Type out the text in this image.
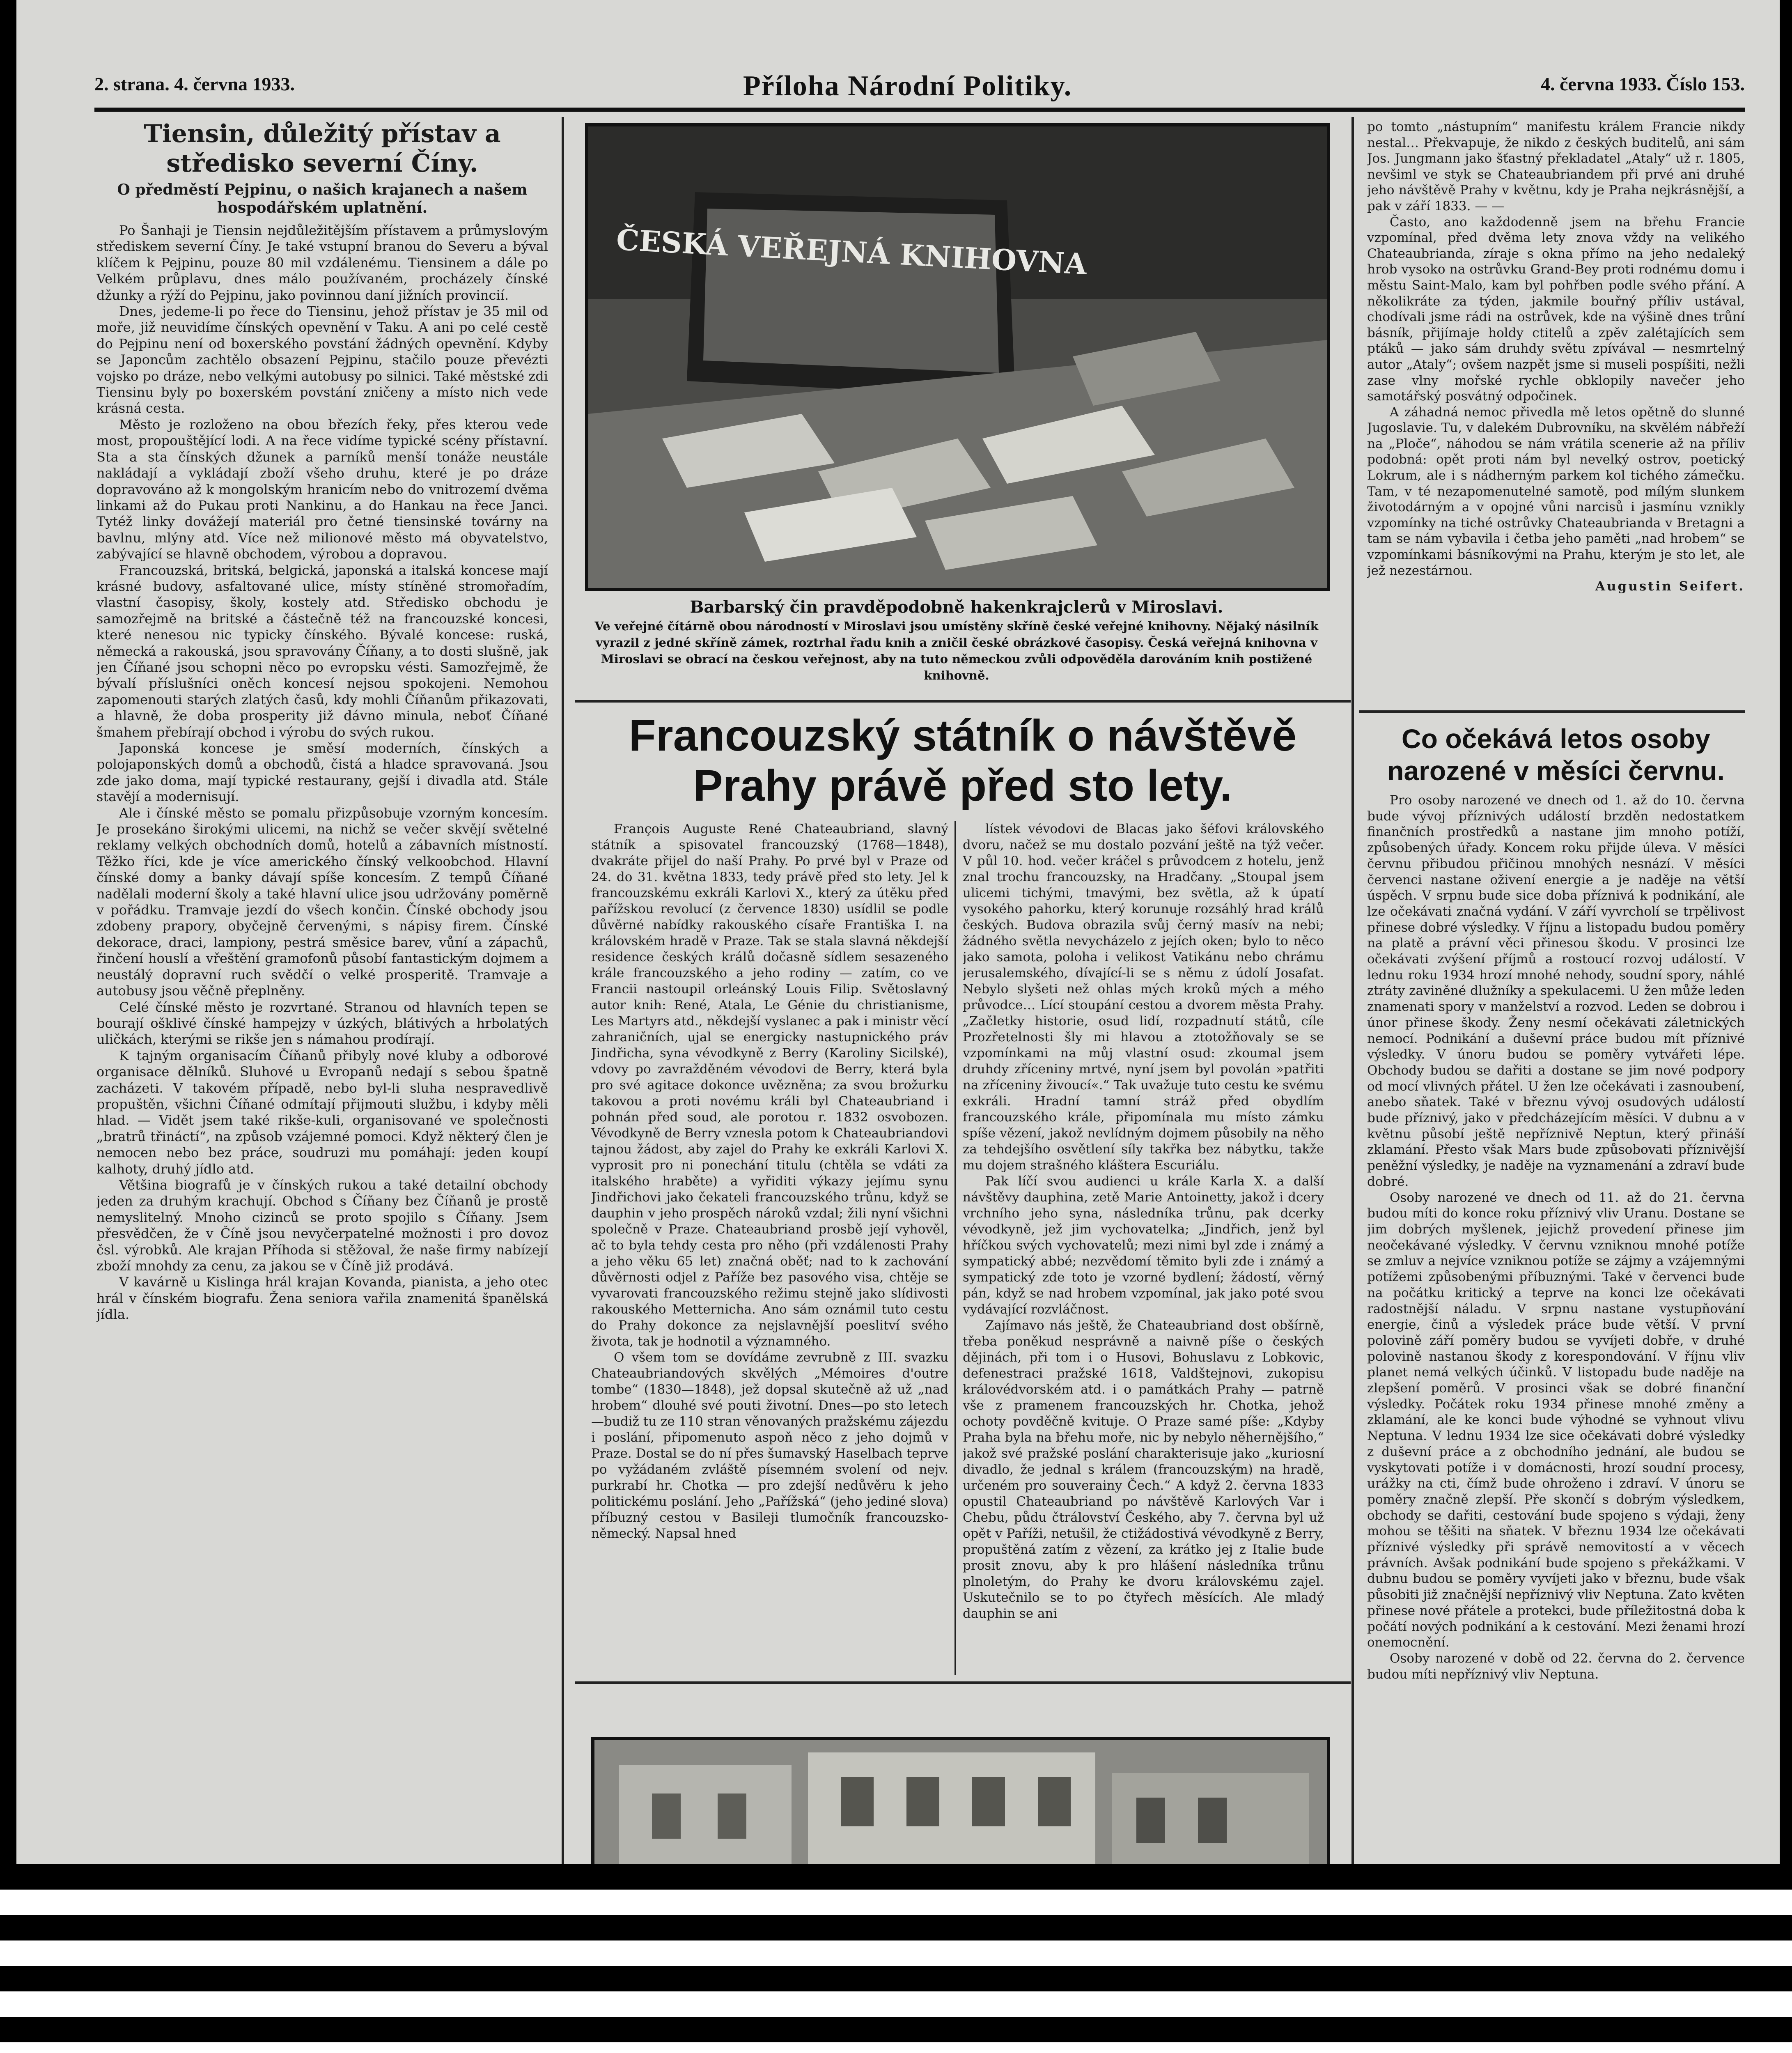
2. strana. 4. června 1933.	Příloha Národní Politiky.	4. června 1933. Číslo 153.
Tiensin, důležitý přístav a středisko severní Číny.
O předměstí Pejpinu, o našich krajanech a našem hospodářském uplatnění.

Po Šanhaji je Tiensin nejdůležitějším přístavem a průmyslovým střediskem severní Číny. Je také vstupní branou do Severu a býval klíčem k Pejpinu, pouze 80 mil vzdálenému. Tiensinem a dále po Velkém průplavu, dnes málo používaném, procházely čínské džunky a rýží do Pejpinu, jako povinnou daní jižních provincií.

Dnes, jedeme-li po řece do Tiensinu, jehož přístav je 35 mil od moře, již neuvidíme čínských opevnění v Taku. A ani po celé cestě do Pejpinu není od boxerského povstání žádných opevnění. Kdyby se Japoncům zachtělo obsazení Pejpinu, stačilo pouze převézti vojsko po dráze, nebo velkými autobusy po silnici. Také městské zdi Tiensinu byly po boxerském povstání zničeny a místo nich vede krásná cesta.

Město je rozloženo na obou březích řeky, přes kterou vede most, propouštějící lodi. A na řece vidíme typické scény přístavní. Sta a sta čínských džunek a parníků menší tonáže neustále nakládají a vykládají zboží všeho druhu, které je po dráze dopravováno až k mongolským hranicím nebo do vnitrozemí dvěma linkami až do Pukau proti Nankinu, a do Hankau na řece Janci. Tytéž linky dovážejí materiál pro četné tiensinské továrny na bavlnu, mlýny atd. Více než milionové město má obyvatelstvo, zabývající se hlavně obchodem, výrobou a dopravou.

Francouzská, britská, belgická, japonská a italská koncese mají krásné budovy, asfaltované ulice, místy stíněné stromořadím, vlastní časopisy, školy, kostely atd. Středisko obchodu je samozřejmě na britské a částečně též na francouzské koncesi, které nenesou nic typicky čínského. Bývalé koncese: ruská, německá a rakouská, jsou spravovány Číňany, a to dosti slušně, jak jen Číňané jsou schopni něco po evropsku vésti. Samozřejmě, že bývalí příslušníci oněch koncesí nejsou spokojeni. Nemohou zapomenouti starých zlatých časů, kdy mohli Číňanům přikazovati, a hlavně, že doba prosperity již dávno minula, neboť Číňané šmahem přebírají obchod i výrobu do svých rukou.

Japonská koncese je směsí moderních, čínských a polojaponských domů a obchodů, čistá a hladce spravovaná. Jsou zde jako doma, mají typické restaurany, gejší i divadla atd. Stále stavějí a modernisují.

Ale i čínské město se pomalu přizpůsobuje vzorným koncesím. Je prosekáno širokými ulicemi, na nichž se večer skvějí světelné reklamy velkých obchodních domů, hotelů a zábavních místností. Těžko říci, kde je více amerického čínský velkoobchod. Hlavní čínské domy a banky dávají spíše koncesím. Z tempů Číňané nadělali moderní školy a také hlavní ulice jsou udržovány poměrně v pořádku. Tramvaje jezdí do všech končin. Čínské obchody jsou zdobeny prapory, obyčejně červenými, s nápisy firem. Čínské dekorace, draci, lampiony, pestrá směsice barev, vůní a zápachů, řinčení houslí a vřeštění gramofonů působí fantastickým dojmem a neustálý dopravní ruch svědčí o velké prosperitě. Tramvaje a autobusy jsou věčně přeplněny.

Celé čínské město je rozvrtané. Stranou od hlavních tepen se bourají ošklivé čínské hampejzy v úzkých, blátivých a hrbolatých uličkách, kterými se rikše jen s námahou prodírají.

K tajným organisacím Číňanů přibyly nové kluby a odborové organisace dělníků. Sluhové u Evropanů nedají s sebou špatně zacházeti. V takovém případě, nebo byl-li sluha nespravedlivě propuštěn, všichni Číňané odmítají přijmouti službu, i kdyby měli hlad. — Vidět jsem také rikše-kuli, organisované ve společnosti „bratrů třináctí“, na způsob vzájemné pomoci. Když některý člen je nemocen nebo bez práce, soudruzi mu pomáhají: jeden koupí kalhoty, druhý jídlo atd.

Většina biografů je v čínských rukou a také detailní obchody jeden za druhým krachují. Obchod s Číňany bez Číňanů je prostě nemyslitelný. Mnoho cizinců se proto spojilo s Číňany. Jsem přesvědčen, že v Číně jsou nevyčerpatelné možnosti i pro dovoz čsl. výrobků. Ale krajan Příhoda si stěžoval, že naše firmy nabízejí zboží mnohdy za cenu, za jakou se v Číně již prodává.

V kavárně u Kislinga hrál krajan Kovanda, pianista, a jeho otec hrál v čínském biografu. Žena seniora vařila znamenitá španělská jídla.

ČESKÁ VEŘEJNÁ KNIHOVNA
Barbarský čin pravděpodobně hakenkrajclerů v Miroslavi.
Ve veřejné čítárně obou národností v Miroslavi jsou umístěny skříně české veřejné knihovny. Nějaký násilník vyrazil z jedné skříně zámek, roztrhal řadu knih a zničil české obrázkové časopisy. Česká veřejná knihovna v Miroslavi se obrací na českou veřejnost, aby na tuto německou zvůli odpověděla darováním knih postižené knihovně.
Francouzský státník o návštěvě Prahy právě před sto lety.

François Auguste René Chateaubriand, slavný státník a spisovatel francouzský (1768—1848), dvakráte přijel do naší Prahy. Po prvé byl v Praze od 24. do 31. května 1833, tedy právě před sto lety. Jel k francouzskému exkráli Karlovi X., který za útěku před pařížskou revolucí (z července 1830) usídlil se podle důvěrné nabídky rakouského císaře Františka I. na královském hradě v Praze. Tak se stala slavná někdejší residence českých králů dočasně sídlem sesazeného krále francouzského a jeho rodiny — zatím, co ve Francii nastoupil orleánský Louis Filip. Světoslavný autor knih: René, Atala, Le Génie du christianisme, Les Martyrs atd., někdejší vyslanec a pak i ministr věcí zahraničních, ujal se energicky nastupnického práv Jindřicha, syna vévodkyně z Berry (Karoliny Sicilské), vdovy po zavražděném vévodovi de Berry, která byla pro své agitace dokonce uvězněna; za svou brožurku takovou a proti novému králi byl Chateaubriand i pohnán před soud, ale porotou r. 1832 osvobozen. Vévodkyně de Berry vznesla potom k Chateaubriandovi tajnou žádost, aby zajel do Prahy ke exkráli Karlovi X. vyprosit pro ni ponechání titulu (chtěla se vdáti za italského hraběte) a vyřiditi výkazy jejímu synu Jindřichovi jako čekateli francouzského trůnu, když se dauphin v jeho prospěch nároků vzdal; žili nyní všichni společně v Praze. Chateaubriand prosbě její vyhověl, ač to byla tehdy cesta pro něho (při vzdálenosti Prahy a jeho věku 65 let) značná oběť; nad to k zachování důvěrnosti odjel z Paříže bez pasového visa, chtěje se vyvarovati francouzského režimu stejně jako slídivosti rakouského Metternicha. Ano sám oznámil tuto cestu do Prahy dokonce za nejslavnější poeslitví svého života, tak je hodnotil a významného.

O všem tom se dovídáme zevrubně z III. svazku Chateaubriandových skvělých „Mémoires d'outre tombe“ (1830—1848), jež dopsal skutečně až už „nad hrobem“ dlouhé své pouti životní. Dnes—po sto letech—budiž tu ze 110 stran věnovaných pražskému zájezdu i poslání, připomenuto aspoň něco z jeho dojmů v Praze. Dostal se do ní přes šumavský Haselbach teprve po vyžádaném zvláště písemném svolení od nejv. purkrabí hr. Chotka — pro zdejší nedůvěru k jeho politickému poslání. Jeho „Pařížská“ (jeho jediné slova) příbuzný cestou v Basileji tlumočník francouzsko-německý. Napsal hned

lístek vévodovi de Blacas jako šéfovi královského dvoru, načež se mu dostalo pozvání ještě na týž večer. V půl 10. hod. večer kráčel s průvodcem z hotelu, jenž znal trochu francouzsky, na Hradčany. „Stoupal jsem ulicemi tichými, tmavými, bez světla, až k úpatí vysokého pahorku, který korunuje rozsáhlý hrad králů českých. Budova obrazila svůj černý masív na nebi; žádného světla nevycházelo z jejích oken; bylo to něco jako samota, poloha i velikost Vatikánu nebo chrámu jerusalemského, dívající-li se s němu z údolí Josafat. Nebylo slyšeti než ohlas mých kroků mých a mého průvodce… Lící stoupání cestou a dvorem města Prahy. „Začletky historie, osud lidí, rozpadnutí států, cíle Prozřetelnosti šly mi hlavou a ztotožňovaly se se vzpomínkami na můj vlastní osud: zkoumal jsem druhdy zříceniny mrtvé, nyní jsem byl povolán »patřiti na zříceniny živoucí«.“ Tak uvažuje tuto cestu ke svému exkráli. Hradní tamní stráž před obydlím francouzského krále, připomínala mu místo zámku spíše vězení, jakož nevlídným dojmem působily na něho za tehdejšího osvětlení síly takřka bez nábytku, takže mu dojem strašného kláštera Escuriálu.

Pak líčí svou audienci u krále Karla X. a další návštěvy dauphina, zetě Marie Antoinetty, jakož i dcery vrchního jeho syna, následníka trůnu, pak dcerky vévodkyně, jež jim vychovatelka; „Jindřich, jenž byl hříčkou svých vychovatelů; mezi nimi byl zde i známý a sympatický abbé; nezvědomí těmito byli zde i známý a sympatický zde toto je vzorné bydlení; žádostí, věrný pán, když se nad hrobem vzpomínal, jak jako poté svou vydávající rozvláčnost.

Zajímavo nás ještě, že Chateaubriand dost obšírně, třeba poněkud nesprávně a naivně píše o českých dějinách, při tom i o Husovi, Bohuslavu z Lobkovic, defenestraci pražské 1618, Valdštejnovi, zukopisu královédvorském atd. i o památkách Prahy — patrně vše z pramenem francouzských hr. Chotka, jehož ochoty povděčně kvituje. O Praze samé píše: „Kdyby Praha byla na břehu moře, nic by nebylo něhernějšího,“ jakož své pražské poslání charakterisuje jako „kuriosní divadlo, že jednal s králem (francouzským) na hradě, určeném pro souverainy Čech.“ A když 2. června 1833 opustil Chateaubriand po návštěvě Karlových Var i Chebu, půdu čtrálovství Českého, aby 7. června byl už opět v Paříži, netušil, že ctižádostivá vévodkyně z Berry, propuštěná zatím z vězení, za krátko jej z Italie bude prosit znovu, aby k pro hlášení následníka trůnu plnoletým, do Prahy ke dvoru královskému zajel. Uskutečnilo se to po čtyřech měsících. Ale mladý dauphin se ani

po tomto „nástupním“ manifestu králem Francie nikdy nestal… Překvapuje, že nikdo z českých buditelů, ani sám Jos. Jungmann jako šťastný překladatel „Ataly“ už r. 1805, nevšiml ve styk se Chateaubriandem při prvé ani druhé jeho návštěvě Prahy v květnu, kdy je Praha nejkrásnější, a pak v září 1833. — —

Často, ano každodenně jsem na břehu Francie vzpomínal, před dvěma lety znova vždy na velikého Chateaubrianda, zíraje s okna přímo na jeho nedaleký hrob vysoko na ostrůvku Grand-Bey proti rodnému domu i městu Saint-Malo, kam byl pohřben podle svého přání. A několikráte za týden, jakmile bouřný příliv ustával, chodívali jsme rádi na ostrůvek, kde na výšině dnes trůní básník, přijímaje holdy ctitelů a zpěv zalétajících sem ptáků — jako sám druhdy světu zpívával — nesmrtelný autor „Ataly“; ovšem nazpět jsme si museli pospíšiti, nežli zase vlny mořské rychle obklopily navečer jeho samotářský posvátný odpočinek.

A záhadná nemoc přivedla mě letos opětně do slunné Jugoslavie. Tu, v dalekém Dubrovníku, na skvělém nábřeží na „Ploče“, náhodou se nám vrátila scenerie až na příliv podobná: opět proti nám byl nevelký ostrov, poetický Lokrum, ale i s nádherným parkem kol tichého zámečku. Tam, v té nezapomenutelné samotě, pod mílým slunkem životodárným a v opojné vůni narcisů i jasmínu vznikly vzpomínky na tiché ostrůvky Chateaubrianda v Bretagni a tam se nám vybavila i četba jeho paměti „nad hrobem“ se vzpomínkami básníkovými na Prahu, kterým je sto let, ale jež nezestárnou.

Augustin Seifert.
Co očekává letos osoby narozené v měsíci červnu.

Pro osoby narozené ve dnech od 1. až do 10. června bude vývoj příznivých událostí brzděn nedostatkem finančních prostředků a nastane jim mnoho potíží, způsobených úřady. Koncem roku přijde úleva. V měsíci červnu přibudou přičinou mnohých nesnází. V měsíci červenci nastane oživení energie a je naděje na větší úspěch. V srpnu bude sice doba příznivá k podnikání, ale lze očekávati značná vydání. V září vyvrcholí se trpělivost přinese dobré výsledky. V říjnu a listopadu budou poměry na platě a právní věci přinesou škodu. V prosinci lze očekávati zvýšení příjmů a rostoucí rozvoj událostí. V lednu roku 1934 hrozí mnohé nehody, soudní spory, náhlé ztráty zaviněné dlužníky a spekulacemi. U žen může leden znamenati spory v manželství a rozvod. Leden se dobrou i únor přinese škody. Ženy nesmí očekávati záletnických nemocí. Podnikání a duševní práce budou mít příznivé výsledky. V únoru budou se poměry vytvářeti lépe. Obchody budou se dařiti a dostane se jim nové podpory od mocí vlivných přátel. U žen lze očekávati i zasnoubení, anebo sňatek. Také v březnu vývoj osudových událostí bude příznivý, jako v předcházejícím měsíci. V dubnu a v květnu působí ještě nepříznivě Neptun, který přináší zklamání. Přesto však Mars bude způsobovati příznivější peněžní výsledky, je naděje na vyznamenání a zdraví bude dobré.

Osoby narozené ve dnech od 11. až do 21. června budou míti do konce roku příznivý vliv Uranu. Dostane se jim dobrých myšlenek, jejichž provedení přinese jim neočekávané výsledky. V červnu vzniknou mnohé potíže se zmluv a nejvíce vzniknou potíže se zájmy a vzájemnými potížemi způsobenými příbuznými. Také v červenci bude na počátku kritický a teprve na konci lze očekávati radostnější náladu. V srpnu nastane vystupňování energie, činů a výsledek práce bude větší. V první polovině září poměry budou se vyvíjeti dobře, v druhé polovině nastanou škody z korespondování. V říjnu vliv planet nemá velkých účinků. V listopadu bude naděje na zlepšení poměrů. V prosinci však se dobré finanční výsledky. Počátek roku 1934 přinese mnohé změny a zklamání, ale ke konci bude výhodné se vyhnout vlivu Neptuna. V lednu 1934 lze sice očekávati dobré výsledky z duševní práce a z obchodního jednání, ale budou se vyskytovati potíže i v domácnosti, hrozí soudní procesy, urážky na cti, čímž bude ohroženo i zdraví. V únoru se poměry značně zlepší. Pře skončí s dobrým výsledkem, obchody se dařiti, cestování bude spojeno s výdaji, ženy mohou se těšiti na sňatek. V březnu 1934 lze očekávati příznivé výsledky při správě nemovitostí a v věcech právních. Avšak podnikání bude spojeno s překážkami. V dubnu budou se poměry vyvíjeti jako v březnu, bude však působiti již značnější nepříznivý vliv Neptuna. Zato květen přinese nové přátele a protekci, bude příležitostná doba k počátí nových podnikání a k cestování. Mezi ženami hrozí onemocnění.

Osoby narozené v době od 22. června do 2. července budou míti nepříznivý vliv Neptuna.
